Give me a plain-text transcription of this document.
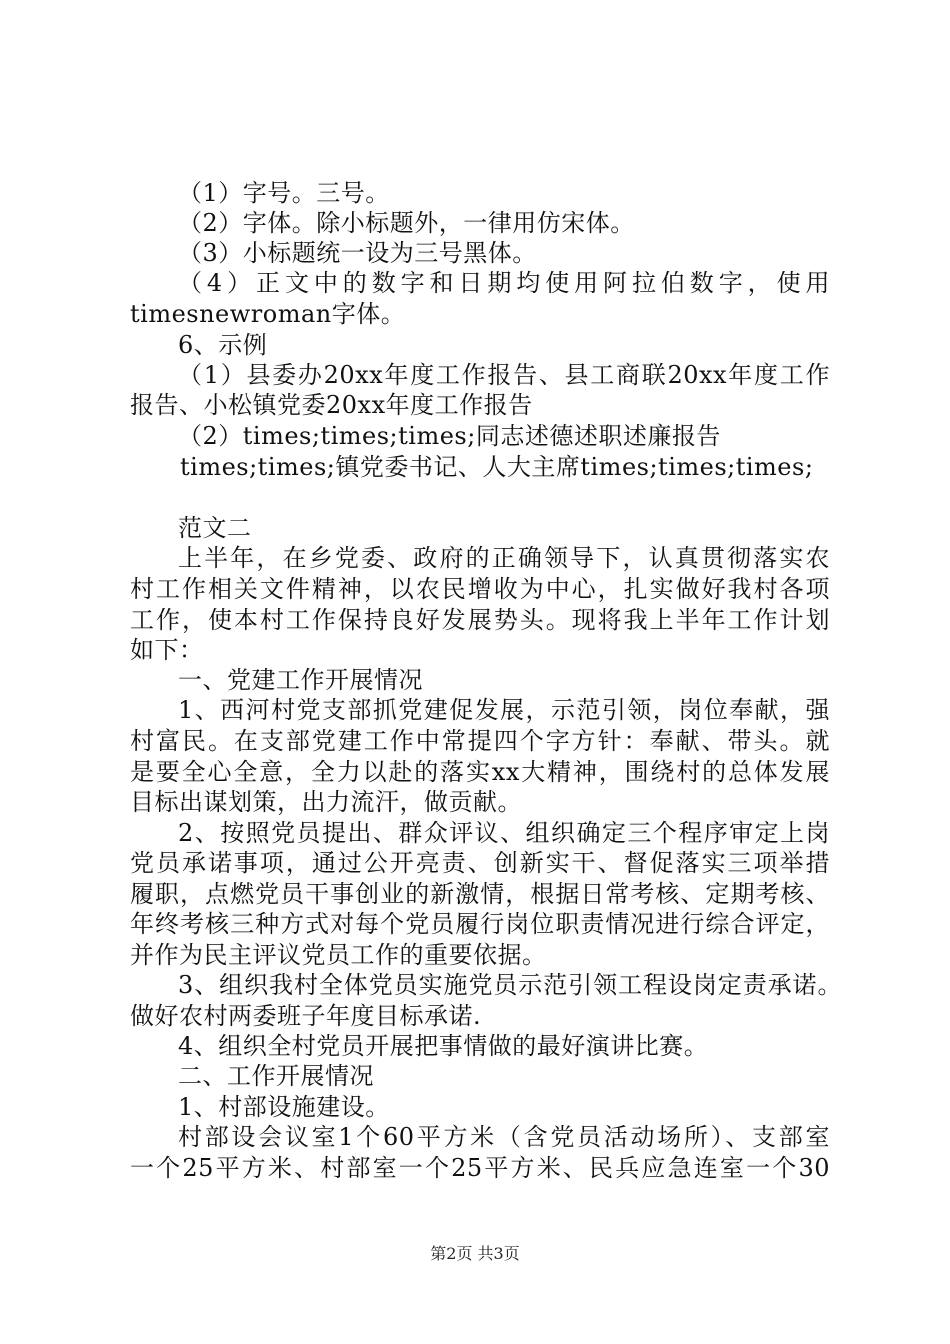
（1）字号。三号。
（2）字体。除小标题外，一律用仿宋体。
（3）小标题统一设为三号黑体。
（4）正文中的数字和日期均使用阿拉伯数字，使用
timesnewroman字体。
6、示例
（1）县委办20xx年度工作报告、县工商联20xx年度工作
报告、小松镇党委20xx年度工作报告
（2）times;times;times;同志述德述职述廉报告
times;times;镇党委书记、人大主席times;times;times;
范文二
上半年，在乡党委、政府的正确领导下，认真贯彻落实农
村工作相关文件精神，以农民增收为中心，扎实做好我村各项
工作，使本村工作保持良好发展势头。现将我上半年工作计划
如下：
一、党建工作开展情况
1、西河村党支部抓党建促发展，示范引领，岗位奉献，强
村富民。在支部党建工作中常提四个字方针：奉献、带头。就
是要全心全意，全力以赴的落实xx大精神，围绕村的总体发展
目标出谋划策，出力流汗，做贡献。
2、按照党员提出、群众评议、组织确定三个程序审定上岗
党员承诺事项，通过公开亮责、创新实干、督促落实三项举措
履职，点燃党员干事创业的新激情，根据日常考核、定期考核、
年终考核三种方式对每个党员履行岗位职责情况进行综合评定，
并作为民主评议党员工作的重要依据。
3、组织我村全体党员实施党员示范引领工程设岗定责承诺。
做好农村两委班子年度目标承诺.
4、组织全村党员开展把事情做的最好演讲比赛。
二、工作开展情况
1、村部设施建设。
村部设会议室1个60平方米（含党员活动场所）、支部室
一个25平方米、村部室一个25平方米、民兵应急连室一个30
第2页 共3页
